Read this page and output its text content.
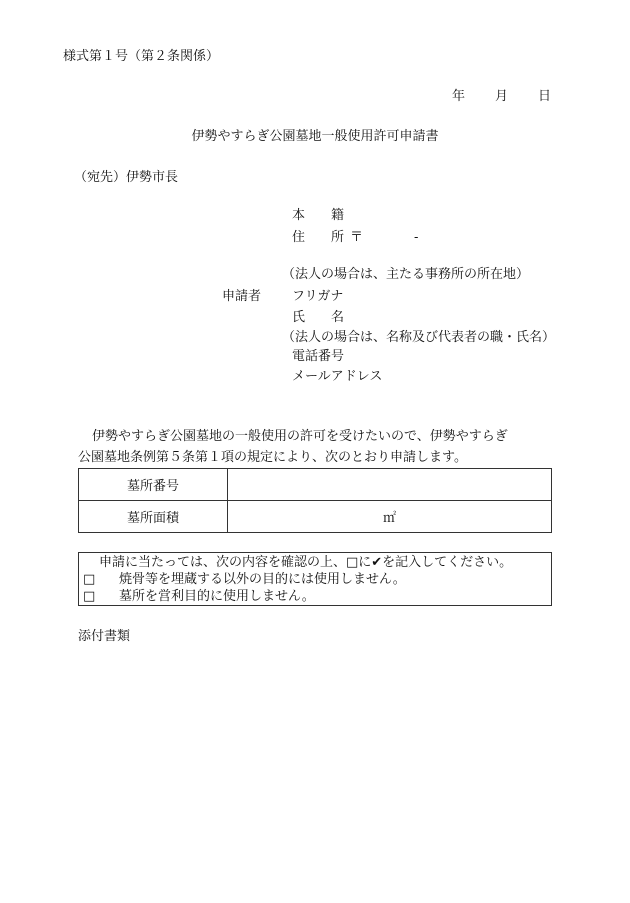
様式第１号（第２条関係）
年 月 日
伊勢やすらぎ公園墓地一般使用許可申請書
（宛先）伊勢市長
本　　籍
住　　所 〒	-
（法人の場合は、主たる事務所の所在地）
申請者 フリガナ
氏　　名
（法人の場合は、名称及び代表者の職・氏名）
電話番号
メールアドレス
伊勢やすらぎ公園墓地の一般使用の許可を受けたいので、伊勢やすらぎ
公園墓地条例第５条第１項の規定により、次のとおり申請します。
墓所番号	
墓所面積	㎡
申請に当たっては、次の内容を確認の上、□に✔を記入してください。
□ 焼骨等を埋蔵する以外の目的には使用しません。
□ 墓所を営利目的に使用しません。
添付書類
